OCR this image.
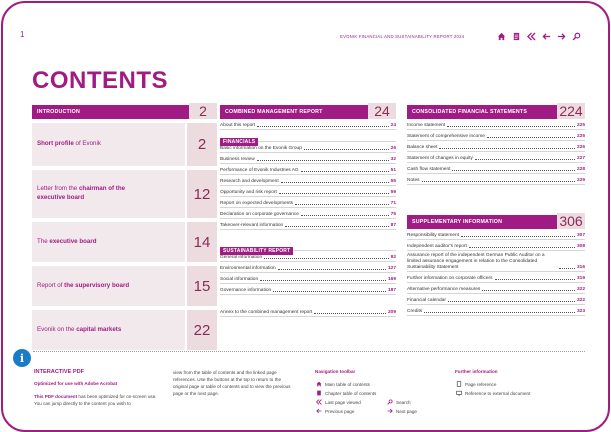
1	EVONIK FINANCIAL AND SUSTAINABILITY REPORT 2024
CONTENTS
INTRODUCTION	2
Short profile of Evonik	2
Letter from the chairman of the executive board	12
The executive board	14
Report of the supervisory board	15
Evonik on the capital markets	22
COMBINED MANAGEMENT REPORT	24
About this report	24
FINANCIALS
Basic information on the Evonik Group	26
Business review	32
Performance of Evonik Industries AG	51
Research and development	55
Opportunity and risk report	59
Report on expected developments	71
Declaration on corporate governance	75
Takeover-relevant information	87
SUSTAINABILITY REPORT
General information	92
Environmental information	127
Social information	169
Governance information	187
Annex to the combined management report	209
CONSOLIDATED FINANCIAL STATEMENTS 224
Income statement	225
Statement of comprehensive income	225
Balance sheet	226
Statement of changes in equity	227
Cash flow statement	228
Notes	229
SUPPLEMENTARY INFORMATION	306
Responsibility statement	307
Independent auditor's report	308
Assurance report of the independent German Public Auditor on a limited assurance engagement in relation to the Consolidated Sustainability Statement	316
Further information on corporate officers	319
Alternative performance measures	322
Financial calendar	322
Credits	323
i
INTERACTIVE PDF
Optimized for use with Adobe Acrobat
This PDF document has been optimized for on-screen use. You can jump directly to the content you wish to
view from the table of contents and the linked page references. Use the buttons at the top to return to the original page or table of contents and to view the previous page or the next page.
Navigation toolbar
Main table of contents
Chapter table of contents
Last page viewed
Previous page
Search
Next page
Further information
Page reference
Reference to external document
